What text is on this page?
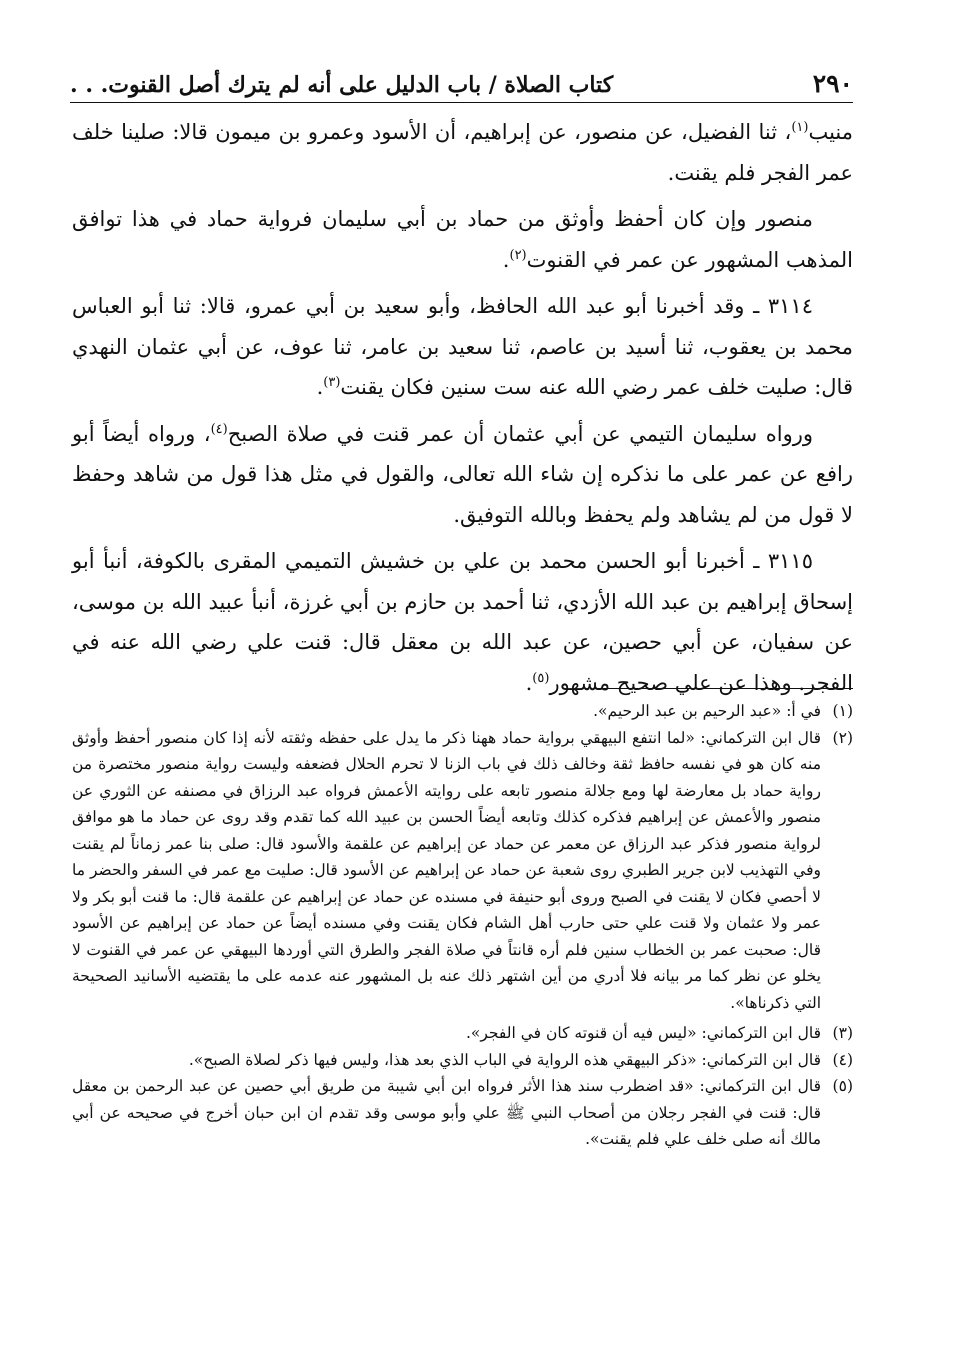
٢٩٠
كتاب الصلاة / باب الدليل على أنه لم يترك أصل القنوت. . .

منيب$^{(١)}$، ثنا الفضيل، عن منصور، عن إبراهيم، أن الأسود وعمرو بن ميمون قالا: صلينا خلف عمر الفجر فلم يقنت.

منصور وإن كان أحفظ وأوثق من حماد بن أبي سليمان فرواية حماد في هذا توافق المذهب المشهور عن عمر في القنوت$^{(٢)}$.

٣١١٤ ـ وقد أخبرنا أبو عبد الله الحافظ، وأبو سعيد بن أبي عمرو، قالا: ثنا أبو العباس محمد بن يعقوب، ثنا أسيد بن عاصم، ثنا سعيد بن عامر، ثنا عوف، عن أبي عثمان النهدي قال: صليت خلف عمر رضي الله عنه ست سنين فكان يقنت$^{(٣)}$.

ورواه سليمان التيمي عن أبي عثمان أن عمر قنت في صلاة الصبح$^{(٤)}$، ورواه أيضاً أبو رافع عن عمر على ما نذكره إن شاء الله تعالى، والقول في مثل هذا قول من شاهد وحفظ لا قول من لم يشاهد ولم يحفظ وبالله التوفيق.

٣١١٥ ـ أخبرنا أبو الحسن محمد بن علي بن خشيش التميمي المقرى بالكوفة، أنبأ أبو إسحاق إبراهيم بن عبد الله الأزدي، ثنا أحمد بن حازم بن أبي غرزة، أنبأ عبيد الله بن موسى، عن سفيان، عن أبي حصين، عن عبد الله بن معقل قال: قنت علي رضي الله عنه في الفجر. وهذا عن علي صحيح مشهور$^{(٥)}$.

(١)
في أ: «عبد الرحيم بن عبد الرحيم».
(٢)
قال ابن التركماني: «لما انتفع البيهقي برواية حماد ههنا ذكر ما يدل على حفظه وثقته لأنه إذا كان منصور أحفظ وأوثق منه كان هو في نفسه حافظ ثقة وخالف ذلك في باب الزنا لا تحرم الحلال فضعفه وليست رواية منصور مختصرة من رواية حماد بل معارضة لها ومع جلالة منصور تابعه على روايته الأعمش فرواه عبد الرزاق في مصنفه عن الثوري عن منصور والأعمش عن إبراهيم فذكره كذلك وتابعه أيضاً الحسن بن عبيد الله كما تقدم وقد روى عن حماد ما هو موافق لرواية منصور فذكر عبد الرزاق عن معمر عن حماد عن إبراهيم عن علقمة والأسود قال: صلى بنا عمر زماناً لم يقنت وفي التهذيب لابن جرير الطبري روى شعبة عن حماد عن إبراهيم عن الأسود قال: صليت مع عمر في السفر والحضر ما لا أحصي فكان لا يقنت في الصبح وروى أبو حنيفة في مسنده عن حماد عن إبراهيم عن علقمة قال: ما قنت أبو بكر ولا عمر ولا عثمان ولا قنت علي حتى حارب أهل الشام فكان يقنت وفي مسنده أيضاً عن حماد عن إبراهيم عن الأسود قال: صحبت عمر بن الخطاب سنين فلم أره قانتاً في صلاة الفجر والطرق التي أوردها البيهقي عن عمر في القنوت لا يخلو عن نظر كما مر بيانه فلا أدري من أين اشتهر ذلك عنه بل المشهور عنه عدمه على ما يقتضيه الأسانيد الصحيحة التي ذكرناها».
(٣)
قال ابن التركماني: «ليس فيه أن قنوته كان في الفجر».
(٤)
قال ابن التركماني: «ذكر البيهقي هذه الرواية في الباب الذي بعد هذا، وليس فيها ذكر لصلاة الصبح».
(٥)
قال ابن التركماني: «قد اضطرب سند هذا الأثر فرواه ابن أبي شيبة من طريق أبي حصين عن عبد الرحمن بن معقل قال: قنت في الفجر رجلان من أصحاب النبي ﷺ علي وأبو موسى وقد تقدم ان ابن حبان أخرج في صحيحه عن أبي مالك أنه صلى خلف علي فلم يقنت».
